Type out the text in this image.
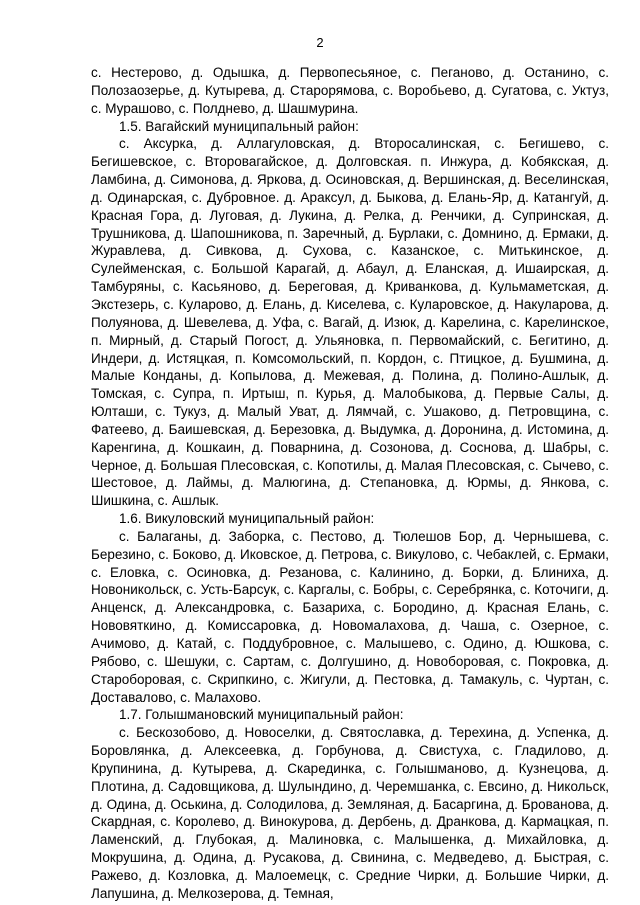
2

с. Нестерово, д. Одышка, д. Первопесьяное, с. Пеганово, д. Останино, с. Полозаозерье, д. Кутырева, д. Старорямова, с. Воробьево, д. Сугатова, с. Уктуз, с. Мурашово, с. Полднево, д. Шашмурина.

1.5. Вагайский муниципальный район:

с. Аксурка, д. Аллагуловская, д. Второсалинская, с. Бегишево, с. Бегишевское, с. Второвагайское, д. Долговская. п. Инжура, д. Кобякская, д. Ламбина, д. Симонова, д. Яркова, д. Осиновская, д. Вершинская, д. Веселинская, д. Одинарская, с. Дубровное. д. Араксул, д. Быкова, д. Елань-Яр, д. Катангуй, д. Красная Гора, д. Луговая, д. Лукина, д. Релка, д. Ренчики, д. Супринская, д. Трушникова, д. Шапошникова, п. Заречный, д. Бурлаки, с. Домнино, д. Ермаки, д. Журавлева, д. Сивкова, д. Сухова, с. Казанское, с. Митькинское, д. Сулейменская, с. Большой Карагай, д. Абаул, д. Еланская, д. Ишаирская, д. Тамбуряны, с. Касьяново, д. Береговая, д. Криванкова, д. Кульмаметская, д. Экстезерь, с. Куларово, д. Елань, д. Киселева, с. Куларовское, д. Накуларова, д. Полуянова, д. Шевелева, д. Уфа, с. Вагай, д. Изюк, д. Карелина, с. Карелинское, п. Мирный, д. Старый Погост, д. Ульяновка, п. Первомайский, с. Бегитино, д. Индери, д. Истяцкая, п. Комсомольский, п. Кордон, с. Птицкое, д. Бушмина, д. Малые Конданы, д. Копылова, д. Межевая, д. Полина, д. Полино-Ашлык, д. Томская, с. Супра, п. Иртыш, п. Курья, д. Малобыкова, д. Первые Салы, д. Юлташи, с. Тукуз, д. Малый Уват, д. Лямчай, с. Ушакoво, д. Петровщина, с. Фатеево, д. Баишевская, д. Березовка, д. Выдумка, д. Доронина, д. Истомина, д. Каренгина, д. Кошкаин, д. Поварнина, д. Созонова, д. Соснова, д. Шабры, с. Черное, д. Большая Плесовская, с. Копотилы, д. Малая Плесовская, с. Сычево, с. Шестовое, д. Лаймы, д. Малюгина, д. Степановка, д. Юрмы, д. Янкова, с. Шишкина, с. Ашлык.

1.6. Викуловский муниципальный район:

с. Балаганы, д. Заборка, с. Пестово, д. Тюлешов Бор, д. Чернышева, с. Березино, с. Боково, д. Иковское, д. Петрова, с. Викулово, с. Чебаклей, с. Ермаки, с. Еловка, с. Осиновка, д. Резанова, с. Калинино, д. Борки, д. Блиниха, д. Новоникольск, с. Усть-Барсук, с. Каргалы, с. Бобры, с. Серебрянка, с. Коточиги, д. Анценск, д. Александровка, с. Базариха, с. Бородино, д. Красная Елань, с. Нововяткино, д. Комиссаровка, д. Новомалахова, д. Чаша, с. Озерное, с. Ачимово, д. Катай, с. Поддубровное, с. Малышево, с. Одино, д. Юшкова, с. Рябово, с. Шешуки, с. Сартам, с. Долгушино, д. Новоборовая, с. Покровка, д. Староборовая, с. Скрипкино, с. Жигули, д. Пестовка, д. Тамакуль, с. Чуртан, с. Доставалово, с. Малахово.

1.7. Голышмановский муниципальный район:

с. Бескозобово, д. Новоселки, д. Святославка, д. Терехина, д. Успенка, д. Боровлянка, д. Алексеевка, д. Горбунова, д. Свистуха, с. Гладилово, д. Крупинина, д. Кутырева, д. Скарединка, с. Голышманово, д. Кузнецова, д. Плотина, д. Садовщикова, д. Шулындино, д. Черемшанка, с. Евсино, д. Никольск, д. Одина, д. Оськина, д. Солодилова, д. Земляная, д. Басаргина, д. Брованова, д. Скардная, с. Королево, д. Винокурова, д. Дербень, д. Дранкова, д. Кармацкая, п. Ламенский, д. Глубокая, д. Малиновка, с. Малышенка, д. Михайловка, д. Мокрушина, д. Одина, д. Русакова, д. Свинина, с. Медведево, д. Быстрая, с. Ражево, д. Козловка, д. Малоемецк, с. Средние Чирки, д. Большие Чирки, д. Лапушина, д. Мелкозерова, д. Темная,
